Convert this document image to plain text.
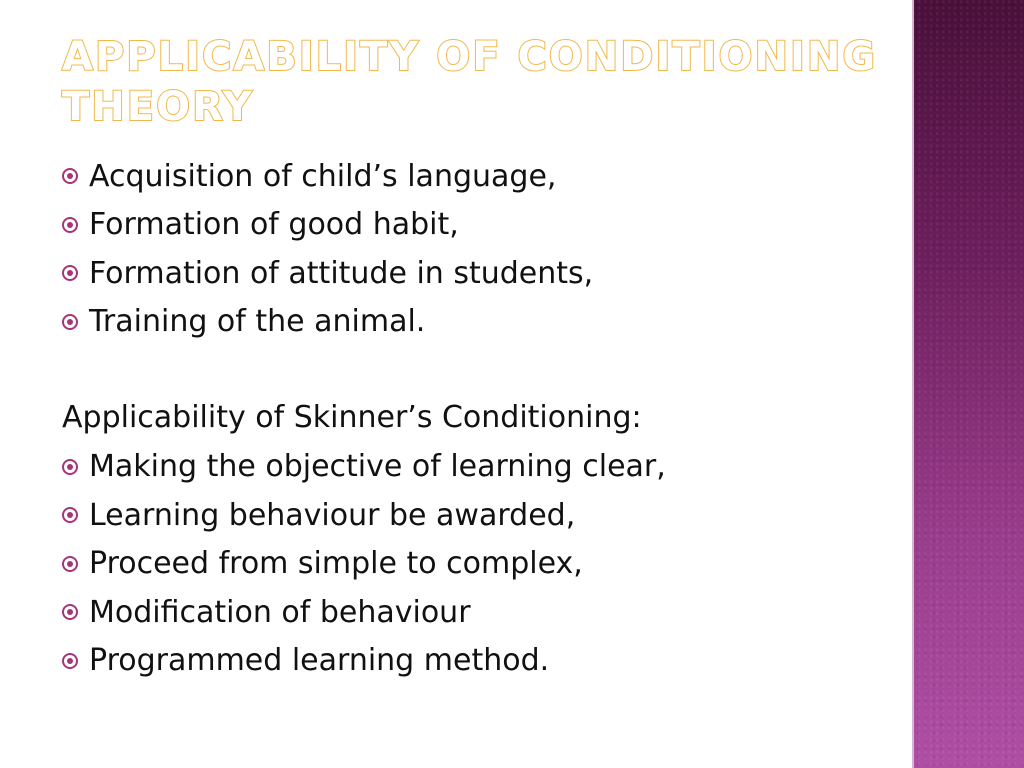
APPLICABILITY OF CONDITIONING THEORY
Acquisition of child’s language,
Formation of good habit,
Formation of attitude in students,
Training of the animal.

Applicability of Skinner’s Conditioning:

Making the objective of learning clear,
Learning behaviour be awarded,
Proceed from simple to complex,
Modification of behaviour
Programmed learning method.
